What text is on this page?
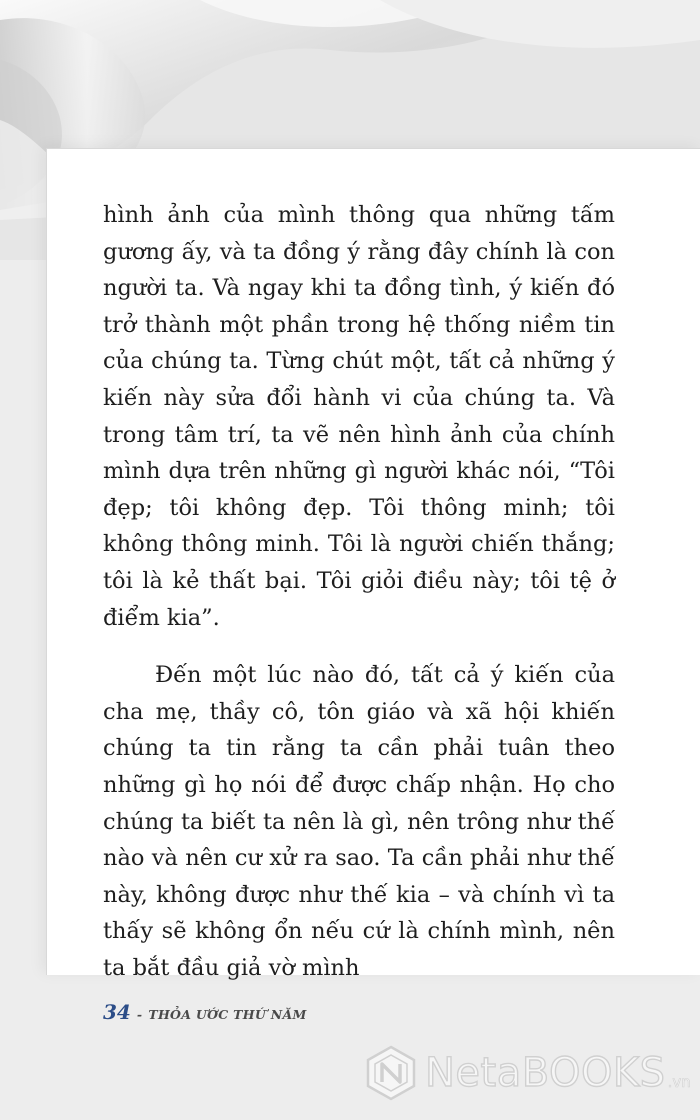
hình ảnh của mình thông qua những tấm gương ấy, và ta đồng ý rằng đây chính là con người ta. Và ngay khi ta đồng tình, ý kiến đó trở thành một phần trong hệ thống niềm tin của chúng ta. Từng chút một, tất cả những ý kiến này sửa đổi hành vi của chúng ta. Và trong tâm trí, ta vẽ nên hình ảnh của chính mình dựa trên những gì người khác nói, “Tôi đẹp; tôi không đẹp. Tôi thông minh; tôi không thông minh. Tôi là người chiến thắng; tôi là kẻ thất bại. Tôi giỏi điều này; tôi tệ ở điểm kia”.

Đến một lúc nào đó, tất cả ý kiến của cha mẹ, thầy cô, tôn giáo và xã hội khiến chúng ta tin rằng ta cần phải tuân theo những gì họ nói để được chấp nhận. Họ cho chúng ta biết ta nên là gì, nên trông như thế nào và nên cư xử ra sao. Ta cần phải như thế này, không được như thế kia – và chính vì ta thấy sẽ không ổn nếu cứ là chính mình, nên ta bắt đầu giả vờ mình

34 - THỎA ƯỚC THỨ NĂM
NetaBOOKS .vn
